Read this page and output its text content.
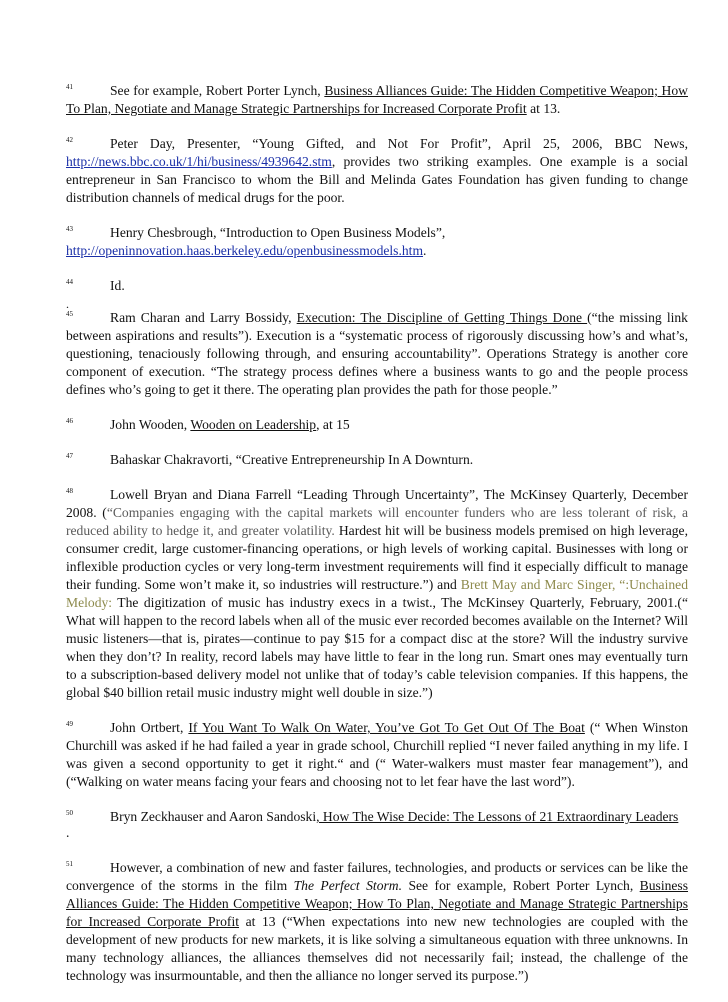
41	See for example, Robert Porter Lynch, Business Alliances Guide: The Hidden Competitive Weapon; How To Plan, Negotiate and Manage Strategic Partnerships for Increased Corporate Profit at 13.

42	Peter Day, Presenter, “Young Gifted, and Not For Profit”, April 25, 2006, BBC News, http://news.bbc.co.uk/1/hi/business/4939642.stm, provides two striking examples. One example is a social entrepreneur in San Francisco to whom the Bill and Melinda Gates Foundation has given funding to change distribution channels of medical drugs for the poor.

43	Henry Chesbrough, “Introduction to Open Business Models”,
http://openinnovation.haas.berkeley.edu/openbusinessmodels.htm.

44	Id.

.

45	Ram Charan and Larry Bossidy, Execution: The Discipline of Getting Things Done (“the missing link between aspirations and results”). Execution is a “systematic process of rigorously discussing how’s and what’s, questioning, tenaciously following through, and ensuring accountability”. Operations Strategy is another core component of execution. “The strategy process defines where a business wants to go and the people process defines who’s going to get it there. The operating plan provides the path for those people.”

46	John Wooden, Wooden on Leadership, at 15

47	Bahaskar Chakravorti, “Creative Entrepreneurship In A Downturn.

48	Lowell Bryan and Diana Farrell “Leading Through Uncertainty”, The McKinsey Quarterly, December 2008. (“Companies engaging with the capital markets will encounter funders who are less tolerant of risk, a reduced ability to hedge it, and greater volatility. Hardest hit will be business models premised on high leverage, consumer credit, large customer-financing operations, or high levels of working capital. Businesses with long or inflexible production cycles or very long-term investment requirements will find it especially difficult to manage their funding. Some won’t make it, so industries will restructure.”) and Brett May and Marc Singer, “:Unchained Melody: The digitization of music has industry execs in a twist., The McKinsey Quarterly, February, 2001.(“ What will happen to the record labels when all of the music ever recorded becomes available on the Internet? Will music listeners—that is, pirates—continue to pay $15 for a compact disc at the store? Will the industry survive when they don’t? In reality, record labels may have little to fear in the long run. Smart ones may eventually turn to a subscription-based delivery model not unlike that of today’s cable television companies. If this happens, the global $40 billion retail music industry might well double in size.”)

49	John Ortbert, If You Want To Walk On Water, You’ve Got To Get Out Of The Boat (“ When Winston Churchill was asked if he had failed a year in grade school, Churchill replied “I never failed anything in my life. I was given a second opportunity to get it right.“ and (“ Water-walkers must master fear management”), and (“Walking on water means facing your fears and choosing not to let fear have the last word”).

50	Bryn Zeckhauser and Aaron Sandoski, How The Wise Decide: The Lessons of 21 Extraordinary Leaders

.

51	However, a combination of new and faster failures, technologies, and products or services can be like the convergence of the storms in the film The Perfect Storm. See for example, Robert Porter Lynch, Business Alliances Guide: The Hidden Competitive Weapon; How To Plan, Negotiate and Manage Strategic Partnerships for Increased Corporate Profit at 13 (“When expectations into new new technologies are coupled with the development of new products for new markets, it is like solving a simultaneous equation with three unknowns. In many technology alliances, the alliances themselves did not necessarily fail; instead, the challenge of the technology was insurmountable, and then the alliance no longer served its purpose.”)
